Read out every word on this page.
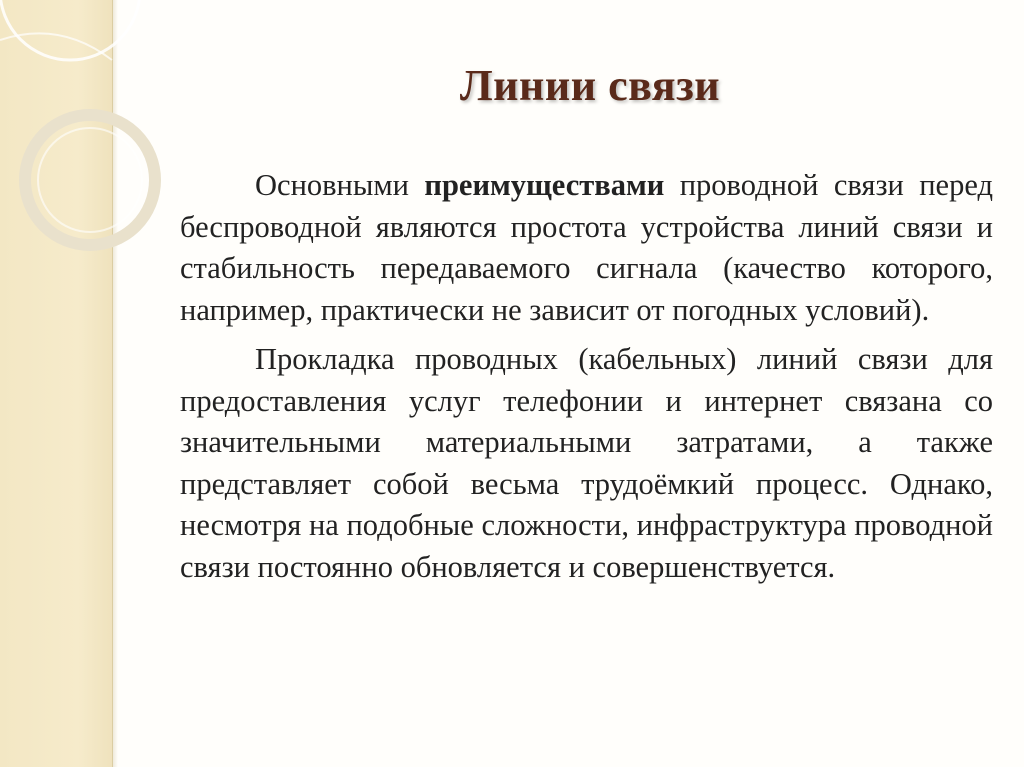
Линии связи

Основными преимуществами проводной связи перед беспроводной являются простота устройства линий связи и стабильность передаваемого сигнала (качество которого, например, практически не зависит от погодных условий).

Прокладка проводных (кабельных) линий связи для предоставления услуг телефонии и интернет связана со значительными материальными затратами, а также представляет собой весьма трудоёмкий процесс. Однако, несмотря на подобные сложности, инфраструктура проводной связи постоянно обновляется и совершенствуется.
